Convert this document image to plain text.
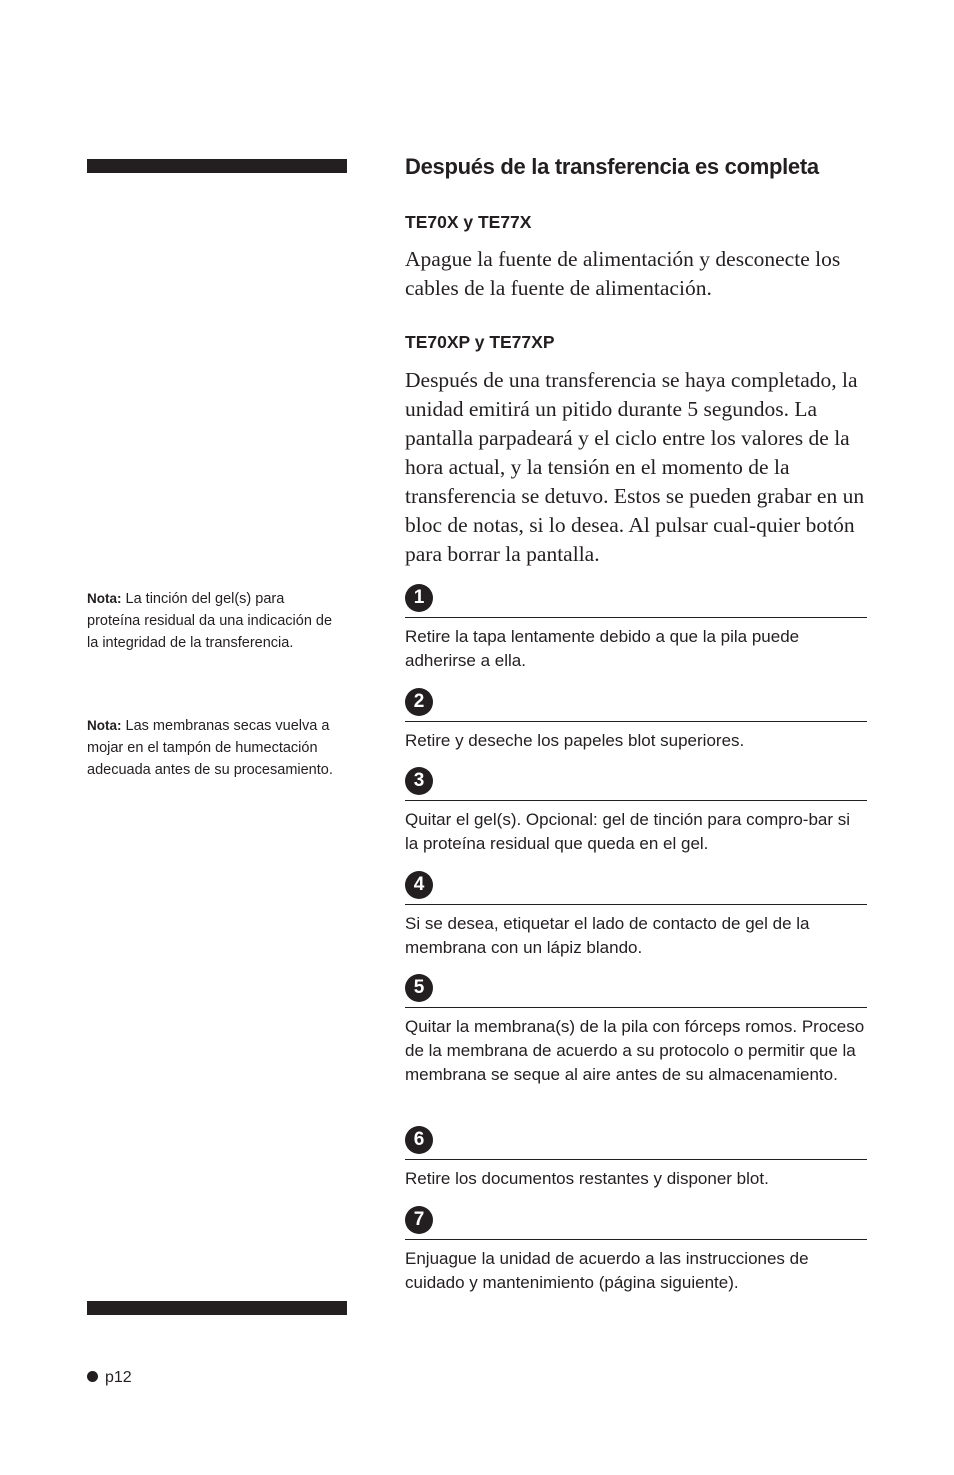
Nota: La tinción del gel(s) para proteína residual da una indicación de la integridad de la transferencia.
Nota: Las membranas secas vuelva a mojar en el tampón de humectación adecuada antes de su procesamiento.
Después de la transferencia es completa
TE70X y TE77X
Apague la fuente de alimentación y desconecte los cables de la fuente de alimentación.
TE70XP y TE77XP
Después de una transferencia se haya completado, la unidad emitirá un pitido durante 5 segundos. La pantalla parpadeará y el ciclo entre los valores de la hora actual, y la tensión en el momento de la transferencia se detuvo. Estos se pueden grabar en un bloc de notas, si lo desea. Al pulsar cual-quier botón para borrar la pantalla.
1
Retire la tapa lentamente debido a que la pila puede adherirse a ella.
2
Retire y deseche los papeles blot superiores.
3
Quitar el gel(s). Opcional: gel de tinción para compro-bar si la proteína residual que queda en el gel.
4
Si se desea, etiquetar el lado de contacto de gel de la membrana con un lápiz blando.
5
Quitar la membrana(s) de la pila con fórceps romos. Proceso de la membrana de acuerdo a su protocolo o permitir que la membrana se seque al aire antes de su almacenamiento.
6
Retire los documentos restantes y disponer blot.
7
Enjuague la unidad de acuerdo a las instrucciones de cuidado y mantenimiento (página siguiente).
p12
